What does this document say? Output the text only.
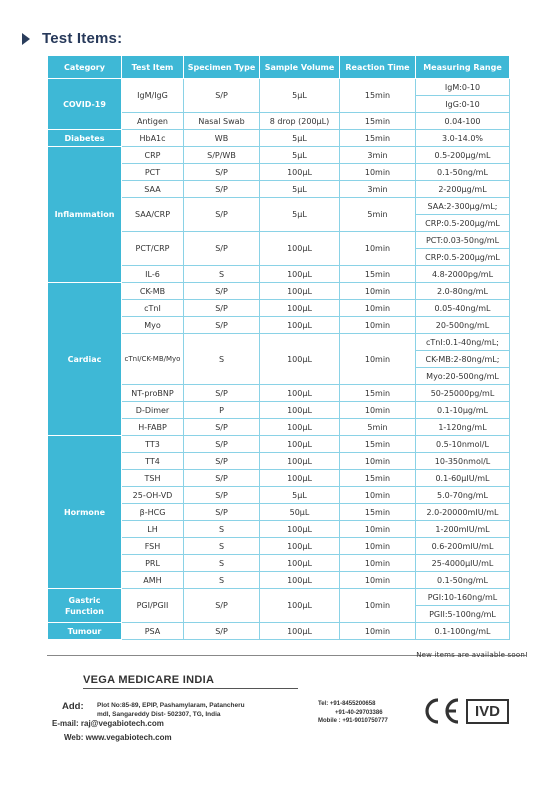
Test Items:
Category	Test Item	Specimen Type	Sample Volume	Reaction Time	Measuring Range
COVID-19	IgM/IgG	S/P	5μL	15min	IgM:0-10
					IgG:0-10
	Antigen	Nasal Swab	8 drop (200μL)	15min	0.04-100
Diabetes	HbA1c	WB	5μL	15min	3.0-14.0%
Inflammation	CRP	S/P/WB	5μL	3min	0.5-200μg/mL
	PCT	S/P	100μL	10min	0.1-50ng/mL
	SAA	S/P	5μL	3min	2-200μg/mL
	SAA/CRP	S/P	5μL	5min	SAA:2-300μg/mL;
					CRP:0.5-200μg/mL
	PCT/CRP	S/P	100μL	10min	PCT:0.03-50ng/mL
					CRP:0.5-200μg/mL
	IL-6	S	100μL	15min	4.8-2000pg/mL
Cardiac	CK-MB	S/P	100μL	10min	2.0-80ng/mL
	cTnI	S/P	100μL	10min	0.05-40ng/mL
	Myo	S/P	100μL	10min	20-500ng/mL
	cTnI/CK-MB/Myo	S	100μL	10min	cTnI:0.1-40ng/mL;
					CK-MB:2-80ng/mL;
					Myo:20-500ng/mL
	NT-proBNP	S/P	100μL	15min	50-25000pg/mL
	D-Dimer	P	100μL	10min	0.1-10μg/mL
	H-FABP	S/P	100μL	5min	1-120ng/mL
Hormone	TT3	S/P	100μL	15min	0.5-10nmol/L
	TT4	S/P	100μL	10min	10-350nmol/L
	TSH	S/P	100μL	15min	0.1-60μIU/mL
	25-OH-VD	S/P	5μL	10min	5.0-70ng/mL
	β-HCG	S/P	50μL	15min	2.0-20000mIU/mL
	LH	S	100μL	10min	1-200mIU/mL
	FSH	S	100μL	10min	0.6-200mIU/mL
	PRL	S	100μL	10min	25-4000μIU/mL
	AMH	S	100μL	10min	0.1-50ng/mL
Gastric Function	PGI/PGII	S/P	100μL	10min	PGI:10-160ng/mL
					PGII:5-100ng/mL
Tumour	PSA	S/P	100μL	10min	0.1-100ng/mL
New items are available soon!
VEGA MEDICARE INDIA
Add: Plot No:85-89, EPIP, Pashamylaram, Patancheru
mdl, Sangareddy Dist- 502307, TG, India
E-mail: raj@vegabiotech.com
Web: www.vegabiotech.com
Tel: +91-8455200658
+91-40-29703386
Mobile : +91-9010750777
IVD
